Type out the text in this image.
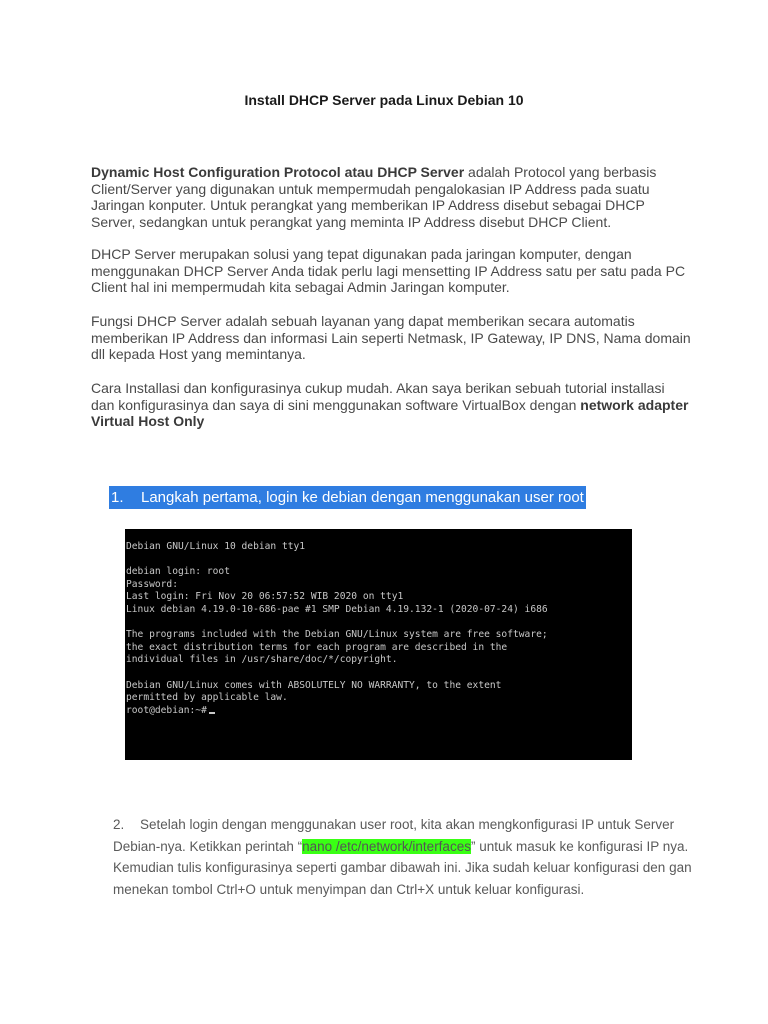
Install DHCP Server pada Linux Debian 10
Dynamic Host Configuration Protocol atau DHCP Server adalah Protocol yang berbasis Client/Server yang digunakan untuk mempermudah pengalokasian IP Address pada suatu Jaringan konputer. Untuk perangkat yang memberikan IP Address disebut sebagai DHCP Server, sedangkan untuk perangkat yang meminta IP Address disebut DHCP Client.
DHCP Server merupakan solusi yang tepat digunakan pada jaringan komputer, dengan menggunakan DHCP Server Anda tidak perlu lagi mensetting IP Address satu per satu pada PC Client hal ini mempermudah kita sebagai Admin Jaringan komputer.
Fungsi DHCP Server adalah sebuah layanan yang dapat memberikan secara automatis memberikan IP Address dan informasi Lain seperti Netmask, IP Gateway, IP DNS, Nama domain dll kepada Host yang memintanya.
Cara Installasi dan konfigurasinya cukup mudah. Akan saya berikan sebuah tutorial installasi dan konfigurasinya dan saya di sini menggunakan software VirtualBox dengan network adapter Virtual Host Only
1. Langkah pertama, login ke debian dengan menggunakan user root
Debian GNU/Linux 10 debian tty1
debian login: root
Password:
Last login: Fri Nov 20 06:57:52 WIB 2020 on tty1
Linux debian 4.19.0-10-686-pae #1 SMP Debian 4.19.132-1 (2020-07-24) i686
The programs included with the Debian GNU/Linux system are free software;
the exact distribution terms for each program are described in the
individual files in /usr/share/doc/*/copyright.
Debian GNU/Linux comes with ABSOLUTELY NO WARRANTY, to the extent
permitted by applicable law.
root@debian:~#
2. Setelah login dengan menggunakan user root, kita akan mengkonfigurasi IP untuk Server Debian-nya. Ketikkan perintah “nano /etc/network/interfaces” untuk masuk ke konfigurasi IP nya. Kemudian tulis konfigurasinya seperti gambar dibawah ini. Jika sudah keluar konfigurasi den gan menekan tombol Ctrl+O untuk menyimpan dan Ctrl+X untuk keluar konfigurasi.
